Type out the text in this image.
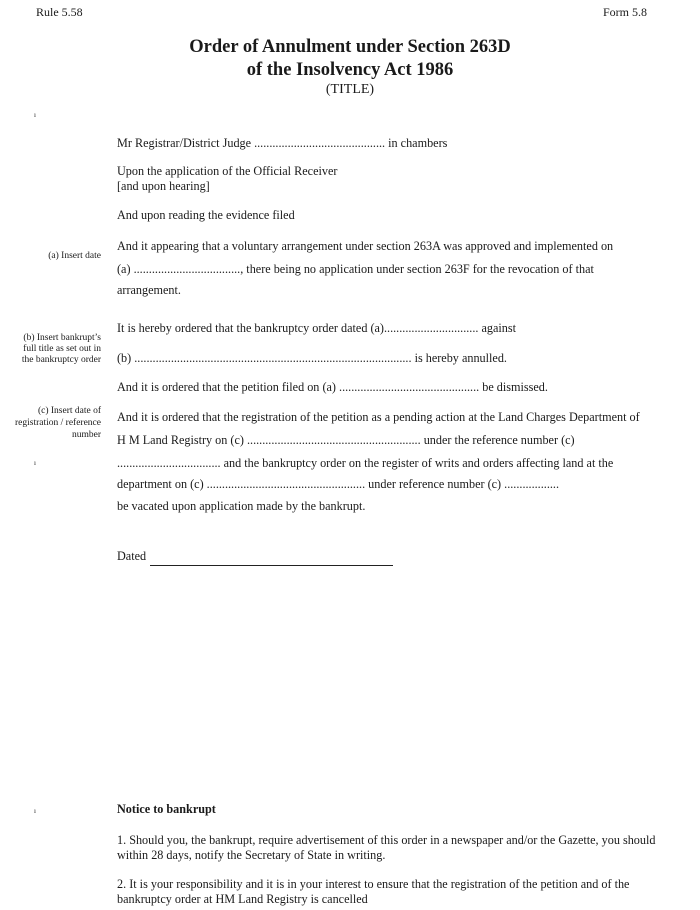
Rule 5.58	Form 5.8
Order of Annulment under Section 263D
of the Insolvency Act 1986
(TITLE)
ı
ı
ı
(a) Insert date
(b) Insert bankrupt’s
full title as set out in
the bankruptcy order
(c) Insert date of
registration / reference
number
Mr Registrar/District Judge ........................................... in chambers
Upon the application of the Official Receiver
[and upon hearing]
And upon reading the evidence filed
And it appearing that a voluntary arrangement under section 263A was approved and implemented on
(a) ..................................., there being no application under section 263F for the revocation of that
arrangement.
It is hereby ordered that the bankruptcy order dated (a)............................... against
(b) ........................................................................................... is hereby annulled.
And it is ordered that the petition filed on (a) .............................................. be dismissed.
And it is ordered that the registration of the petition as a pending action at the Land Charges Department of
H M Land Registry on (c) ......................................................... under the reference number (c)
.................................. and the bankruptcy order on the register of writs and orders affecting land at the
department on (c) .................................................... under reference number (c) ..................
be vacated upon application made by the bankrupt.
Dated
Notice to bankrupt
1. Should you, the bankrupt, require advertisement of this order in a newspaper and/or the Gazette, you should
within 28 days, notify the Secretary of State in writing.
2. It is your responsibility and it is in your interest to ensure that the registration of the petition and of the
bankruptcy order at HM Land Registry is cancelled
